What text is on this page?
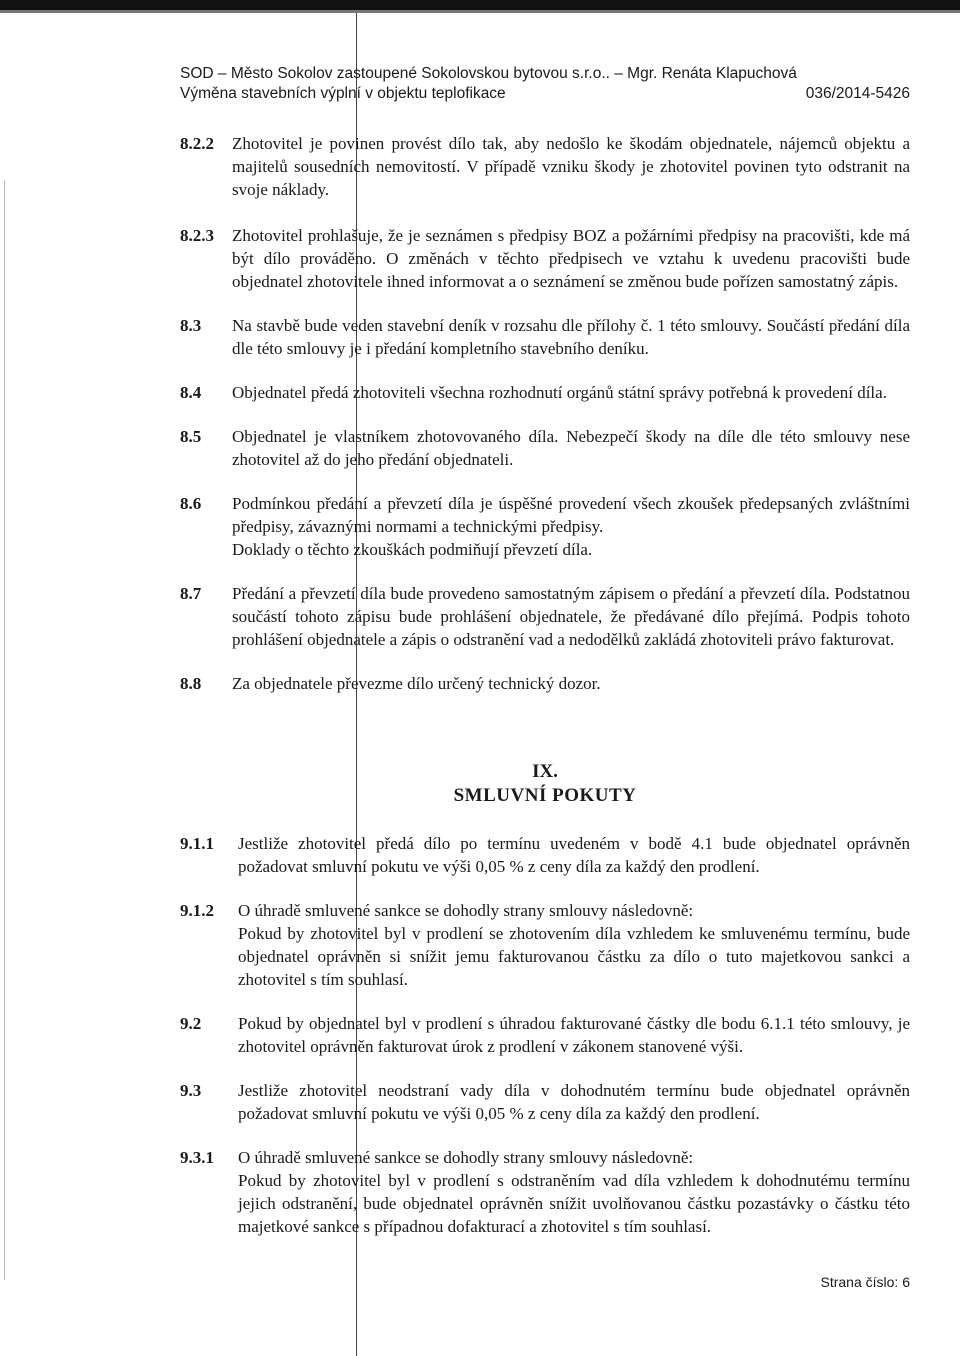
SOD – Město Sokolov zastoupené Sokolovskou bytovou s.r.o.. – Mgr. Renáta Klapuchová
Výměna stavebních výplní v objektu teplofikace	036/2014-5426
8.2.2	Zhotovitel je povinen provést dílo tak, aby nedošlo ke škodám objednatele, nájemců objektu a majitelů sousedních nemovitostí. V případě vzniku škody je zhotovitel povinen tyto odstranit na svoje náklady.

8.2.3	Zhotovitel prohlašuje, že je seznámen s předpisy BOZ a požárními předpisy na pracovišti, kde má být dílo prováděno. O změnách v těchto předpisech ve vztahu k uvedenu pracovišti bude objednatel zhotovitele ihned informovat a o seznámení se změnou bude pořízen samostatný zápis.

8.3	Na stavbě bude veden stavební deník v rozsahu dle přílohy č. 1 této smlouvy. Součástí předání díla dle této smlouvy je i předání kompletního stavebního deníku.

8.4	Objednatel předá zhotoviteli všechna rozhodnutí orgánů státní správy potřebná k provedení díla.

8.5	Objednatel je vlastníkem zhotovovaného díla. Nebezpečí škody na díle dle této smlouvy nese zhotovitel až do jeho předání objednateli.

8.6	Podmínkou předání a převzetí díla je úspěšné provedení všech zkoušek předepsaných zvláštními předpisy, závaznými normami a technickými předpisy.

Doklady o těchto zkouškách podmiňují převzetí díla.

8.7	Předání a převzetí díla bude provedeno samostatným zápisem o předání a převzetí díla. Podstatnou součástí tohoto zápisu bude prohlášení objednatele, že předávané dílo přejímá. Podpis tohoto prohlášení objednatele a zápis o odstranění vad a nedodělků zakládá zhotoviteli právo fakturovat.

8.8	Za objednatele převezme dílo určený technický dozor.

IX.
SMLUVNÍ POKUTY
9.1.1	Jestliže zhotovitel předá dílo po termínu uvedeném v bodě 4.1 bude objednatel oprávněn požadovat smluvní pokutu ve výši 0,05 % z ceny díla za každý den prodlení.

9.1.2	O úhradě smluvené sankce se dohodly strany smlouvy následovně:

Pokud by zhotovitel byl v prodlení se zhotovením díla vzhledem ke smluvenému termínu, bude objednatel oprávněn si snížit jemu fakturovanou částku za dílo o tuto majetkovou sankci a zhotovitel s tím souhlasí.

9.2	Pokud by objednatel byl v prodlení s úhradou fakturované částky dle bodu 6.1.1 této smlouvy, je zhotovitel oprávněn fakturovat úrok z prodlení v zákonem stanovené výši.

9.3	Jestliže zhotovitel neodstraní vady díla v dohodnutém termínu bude objednatel oprávněn požadovat smluvní pokutu ve výši 0,05 % z ceny díla za každý den prodlení.

9.3.1	O úhradě smluvené sankce se dohodly strany smlouvy následovně:

Pokud by zhotovitel byl v prodlení s odstraněním vad díla vzhledem k dohodnutému termínu jejich odstranění, bude objednatel oprávněn snížit uvolňovanou částku pozastávky o částku této majetkové sankce s případnou dofakturací a zhotovitel s tím souhlasí.

Strana číslo: 6
